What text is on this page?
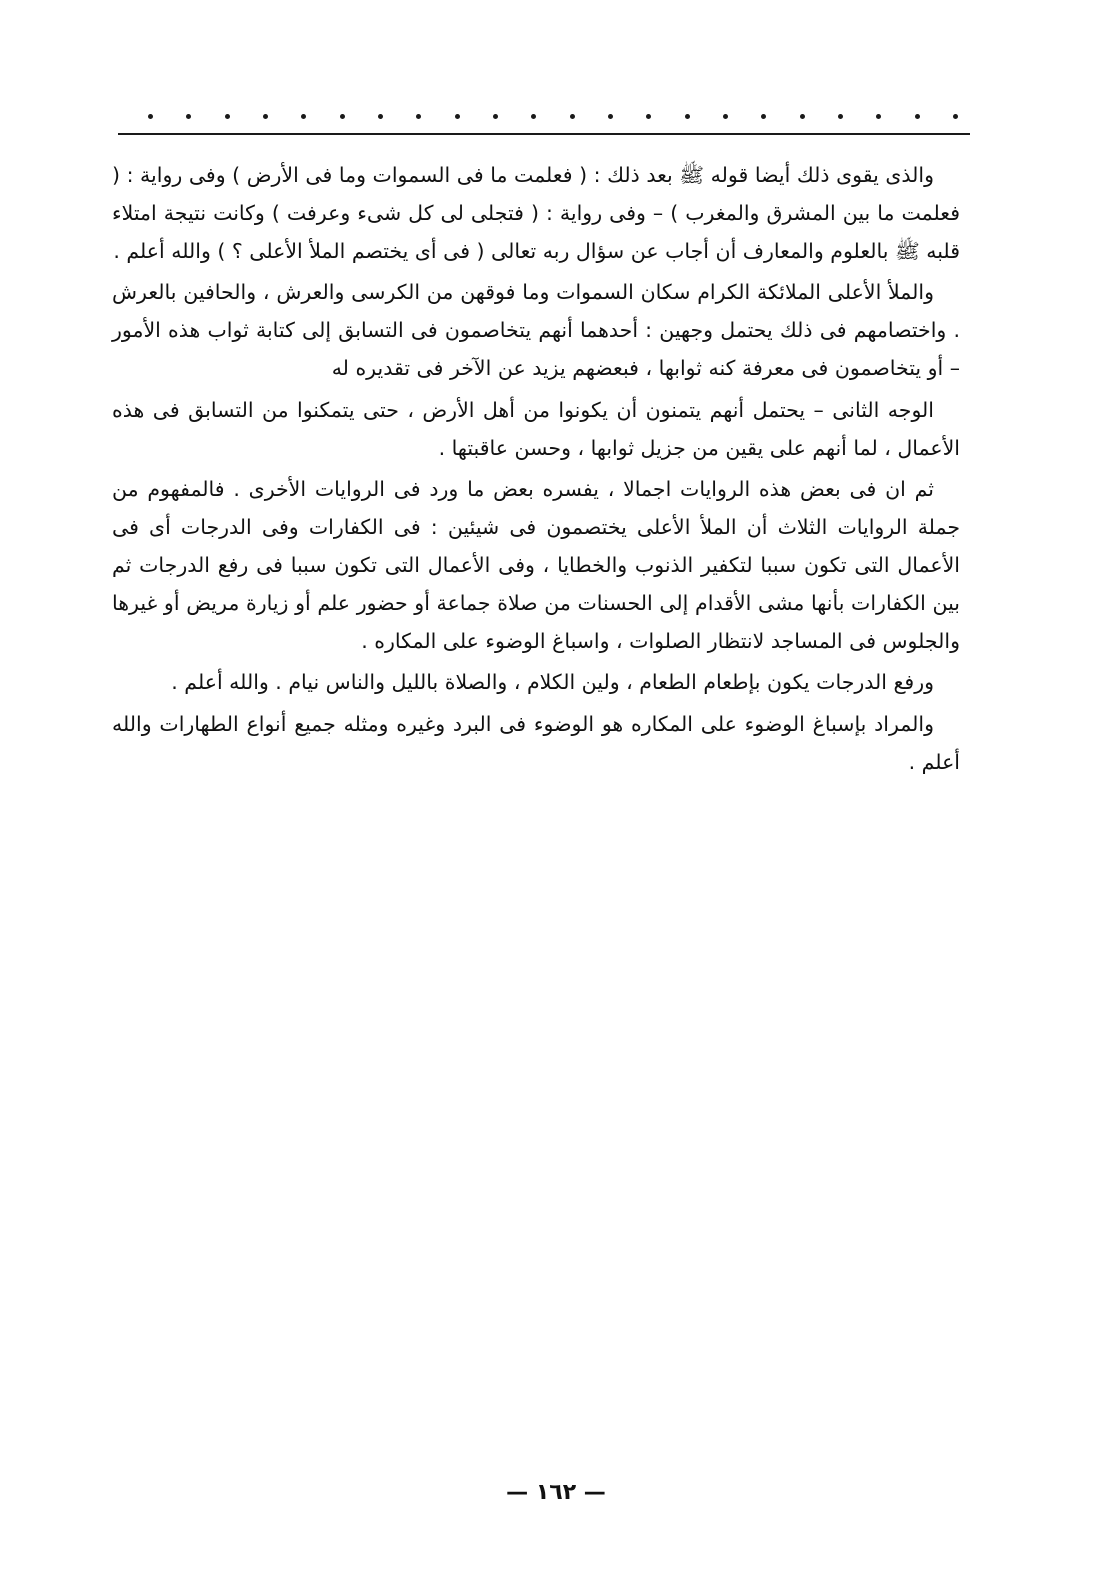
والذى يقوى ذلك أيضا قوله ﷺ بعد ذلك : ( فعلمت ما فى السموات وما فى الأرض ) وفى رواية : ( فعلمت ما بين المشرق والمغرب ) – وفى رواية : ( فتجلى لى كل شىء وعرفت ) وكانت نتيجة امتلاء قلبه ﷺ بالعلوم والمعارف أن أجاب عن سؤال ربه تعالى ( فى أى يختصم الملأ الأعلى ؟ ) والله أعلم .

والملأ الأعلى الملائكة الكرام سكان السموات وما فوقهن من الكرسى والعرش ، والحافين بالعرش . واختصامهم فى ذلك يحتمل وجهين : أحدهما أنهم يتخاصمون فى التسابق إلى كتابة ثواب هذه الأمور – أو يتخاصمون فى معرفة كنه ثوابها ، فبعضهم يزيد عن الآخر فى تقديره له

الوجه الثانى – يحتمل أنهم يتمنون أن يكونوا من أهل الأرض ، حتى يتمكنوا من التسابق فى هذه الأعمال ، لما أنهم على يقين من جزيل ثوابها ، وحسن عاقبتها .

ثم ان فى بعض هذه الروايات اجمالا ، يفسره بعض ما ورد فى الروايات الأخرى . فالمفهوم من جملة الروايات الثلاث أن الملأ الأعلى يختصمون فى شيئين : فى الكفارات وفى الدرجات أى فى الأعمال التى تكون سببا لتكفير الذنوب والخطايا ، وفى الأعمال التى تكون سببا فى رفع الدرجات ثم بين الكفارات بأنها مشى الأقدام إلى الحسنات من صلاة جماعة أو حضور علم أو زيارة مريض أو غيرها والجلوس فى المساجد لانتظار الصلوات ، واسباغ الوضوء على المكاره .

ورفع الدرجات يكون بإطعام الطعام ، ولين الكلام ، والصلاة بالليل والناس نيام . والله أعلم .

والمراد بإسباغ الوضوء على المكاره هو الوضوء فى البرد وغيره ومثله جميع أنواع الطهارات والله أعلم .

— ١٦٢ —
